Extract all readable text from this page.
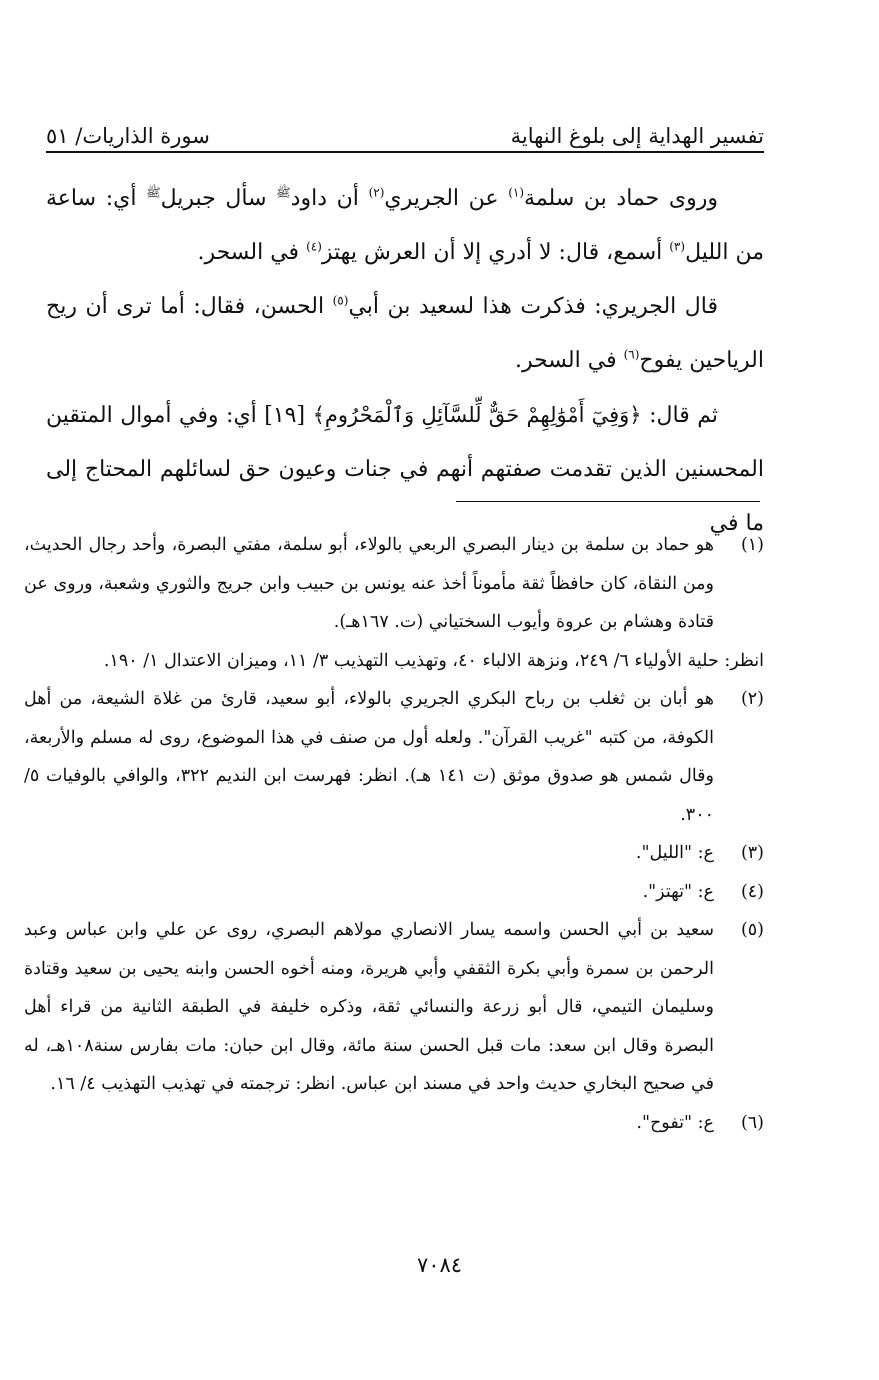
تفسير الهداية إلى بلوغ النهاية
سورة الذاريات/ ٥١

وروى حماد بن سلمة$^{(١)}$ عن الجريري$^{(٢)}$ أن داود$^ﷺ$ سأل جبريل$^ﷺ$ أي: ساعة من الليل$^{(٣)}$ أسمع، قال: لا أدري إلا أن العرش يهتز$^{(٤)}$ في السحر.

قال الجريري: فذكرت هذا لسعيد بن أبي$^{(٥)}$ الحسن، فقال: أما ترى أن ريح الرياحين يفوح$^{(٦)}$ في السحر.

ثم قال: ﴿وَفِيٓ أَمْوَٰلِهِمْ حَقٌّ لِّلسَّآئِلِ وَٱلْمَحْرُومِ﴾ [١٩] أي: وفي أموال المتقين المحسنين الذين تقدمت صفتهم أنهم في جنات وعيون حق لسائلهم المحتاج إلى ما في

(١)
هو حماد بن سلمة بن دينار البصري الربعي بالولاء، أبو سلمة، مفتي البصرة، وأحد رجال الحديث، ومن النقاة، كان حافظاً ثقة مأموناً أخذ عنه يونس بن حبيب وابن جريج والثوري وشعبة، وروى عن قتادة وهشام بن عروة وأيوب السختياني (ت. ١٦٧هـ).
انظر: حلية الأولياء ٦/ ٢٤٩، ونزهة الالباء ٤٠، وتهذيب التهذيب ٣/ ١١، وميزان الاعتدال ١/ ١٩٠.
(٢)
هو أبان بن ثغلب بن رباح البكري الجريري بالولاء، أبو سعيد، قارئ من غلاة الشيعة، من أهل الكوفة، من كتبه "غريب القرآن". ولعله أول من صنف في هذا الموضوع، روى له مسلم والأربعة، وقال شمس هو صدوق موثق (ت ١٤١ هـ). انظر: فهرست ابن النديم ٣٢٢، والوافي بالوفيات ٥/ ٣٠٠.
(٣)
ع: "الليل".
(٤)
ع: "تهتز".
(٥)
سعيد بن أبي الحسن واسمه يسار الانصاري مولاهم البصري، روى عن علي وابن عباس وعبد الرحمن بن سمرة وأبي بكرة الثقفي وأبي هريرة، ومنه أخوه الحسن وابنه يحيى بن سعيد وقتادة وسليمان التيمي، قال أبو زرعة والنسائي ثقة، وذكره خليفة في الطبقة الثانية من قراء أهل البصرة وقال ابن سعد: مات قبل الحسن سنة مائة، وقال ابن حبان: مات بفارس سنة١٠٨هـ، له في صحيح البخاري حديث واحد في مسند ابن عباس. انظر: ترجمته في تهذيب التهذيب ٤/ ١٦.
(٦)
ع: "تفوح".
٧٠٨٤
